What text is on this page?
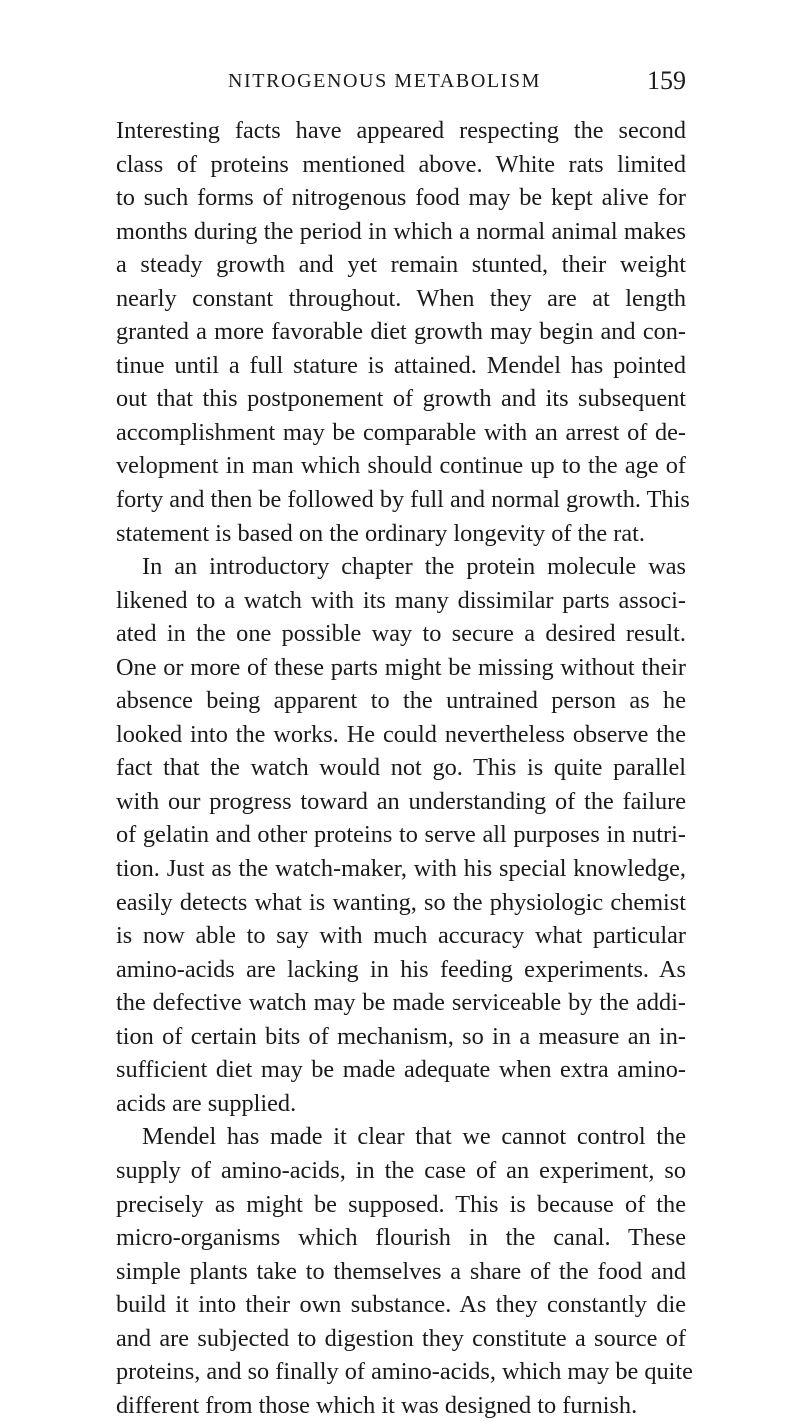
NITROGENOUS METABOLISM	159
Interesting facts have appeared respecting the second
class of proteins mentioned above. White rats limited
to such forms of nitrogenous food may be kept alive for
months during the period in which a normal animal makes
a steady growth and yet remain stunted, their weight
nearly constant throughout. When they are at length
granted a more favorable diet growth may begin and con-
tinue until a full stature is attained. Mendel has pointed
out that this postponement of growth and its subsequent
accomplishment may be comparable with an arrest of de-
velopment in man which should continue up to the age of
forty and then be followed by full and normal growth. This
statement is based on the ordinary longevity of the rat.
In an introductory chapter the protein molecule was
likened to a watch with its many dissimilar parts associ-
ated in the one possible way to secure a desired result.
One or more of these parts might be missing without their
absence being apparent to the untrained person as he
looked into the works. He could nevertheless observe the
fact that the watch would not go. This is quite parallel
with our progress toward an understanding of the failure
of gelatin and other proteins to serve all purposes in nutri-
tion. Just as the watch-maker, with his special knowledge,
easily detects what is wanting, so the physiologic chemist
is now able to say with much accuracy what particular
amino-acids are lacking in his feeding experiments. As
the defective watch may be made serviceable by the addi-
tion of certain bits of mechanism, so in a measure an in-
sufficient diet may be made adequate when extra amino-
acids are supplied.
Mendel has made it clear that we cannot control the
supply of amino-acids, in the case of an experiment, so
precisely as might be supposed. This is because of the
micro-organisms which flourish in the canal. These
simple plants take to themselves a share of the food and
build it into their own substance. As they constantly die
and are subjected to digestion they constitute a source of
proteins, and so finally of amino-acids, which may be quite
different from those which it was designed to furnish.
